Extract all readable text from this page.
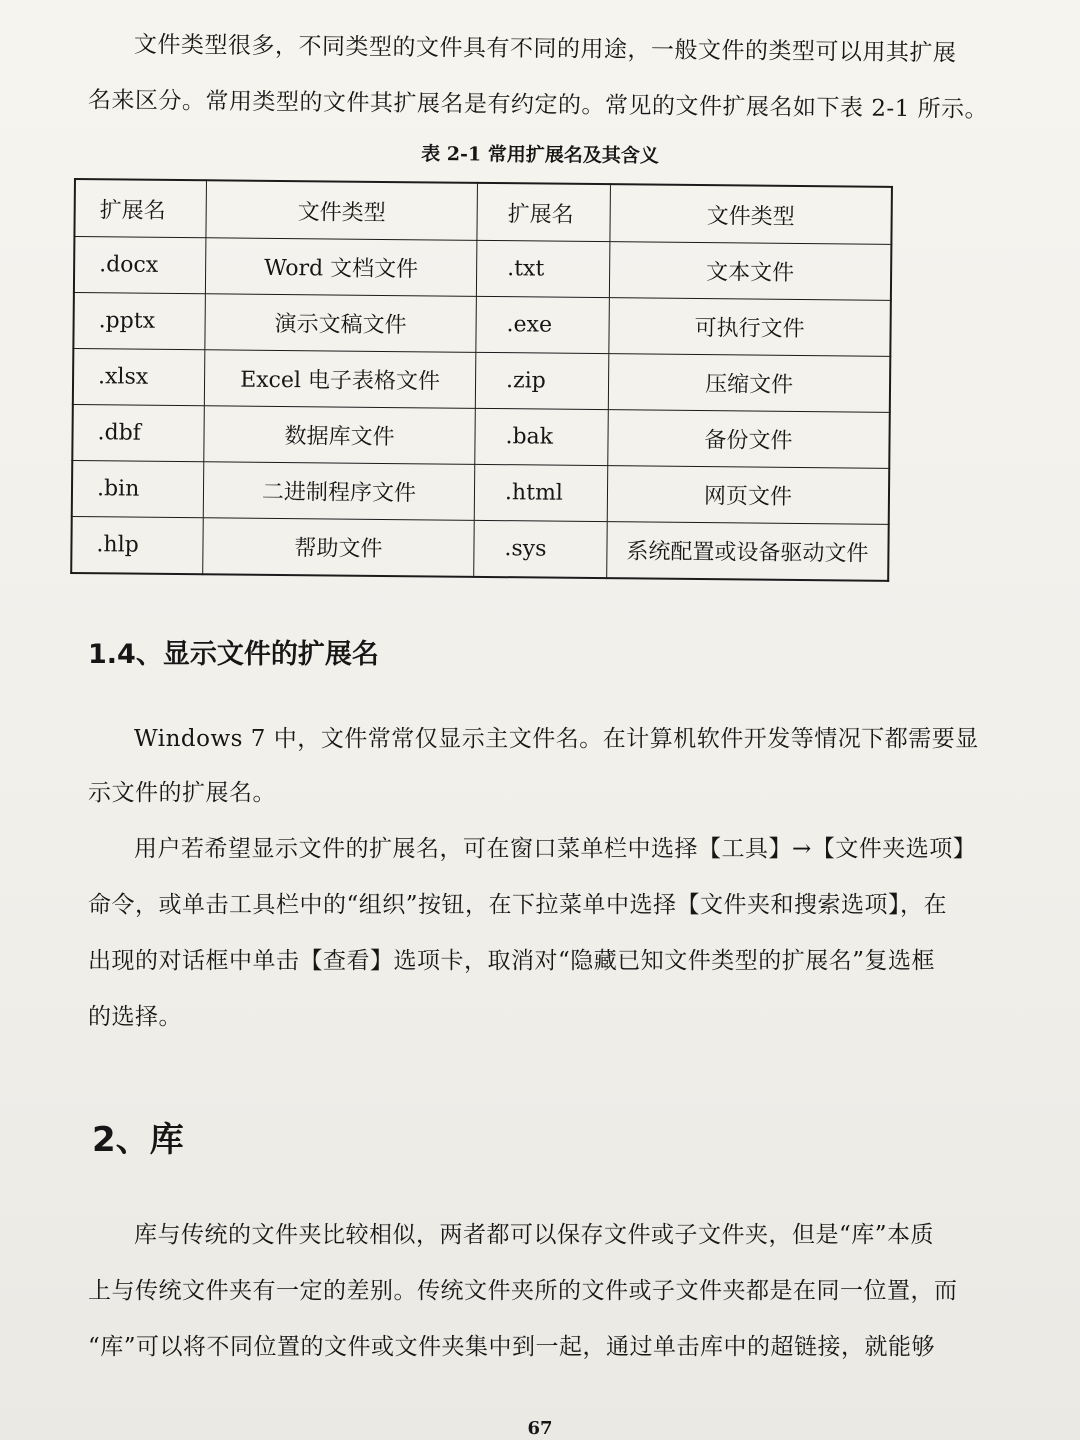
文件类型很多，不同类型的文件具有不同的用途，一般文件的类型可以用其扩展

名来区分。常用类型的文件其扩展名是有约定的。常见的文件扩展名如下表 2-1 所示。

表 2-1 常用扩展名及其含义

扩展名	文件类型	扩展名	文件类型
.docx	Word 文档文件	.txt	文本文件
.pptx	演示文稿文件	.exe	可执行文件
.xlsx	Excel 电子表格文件	.zip	压缩文件
.dbf	数据库文件	.bak	备份文件
.bin	二进制程序文件	.html	网页文件
.hlp	帮助文件	.sys	系统配置或设备驱动文件
1.4、显示文件的扩展名

Windows 7 中，文件常常仅显示主文件名。在计算机软件开发等情况下都需要显

示文件的扩展名。

用户若希望显示文件的扩展名，可在窗口菜单栏中选择【工具】→【文件夹选项】

命令，或单击工具栏中的“组织”按钮，在下拉菜单中选择【文件夹和搜索选项】，在

出现的对话框中单击【查看】选项卡，取消对“隐藏已知文件类型的扩展名”复选框

的选择。

2、库

库与传统的文件夹比较相似，两者都可以保存文件或子文件夹，但是“库”本质

上与传统文件夹有一定的差别。传统文件夹所的文件或子文件夹都是在同一位置，而

“库”可以将不同位置的文件或文件夹集中到一起，通过单击库中的超链接，就能够

67
